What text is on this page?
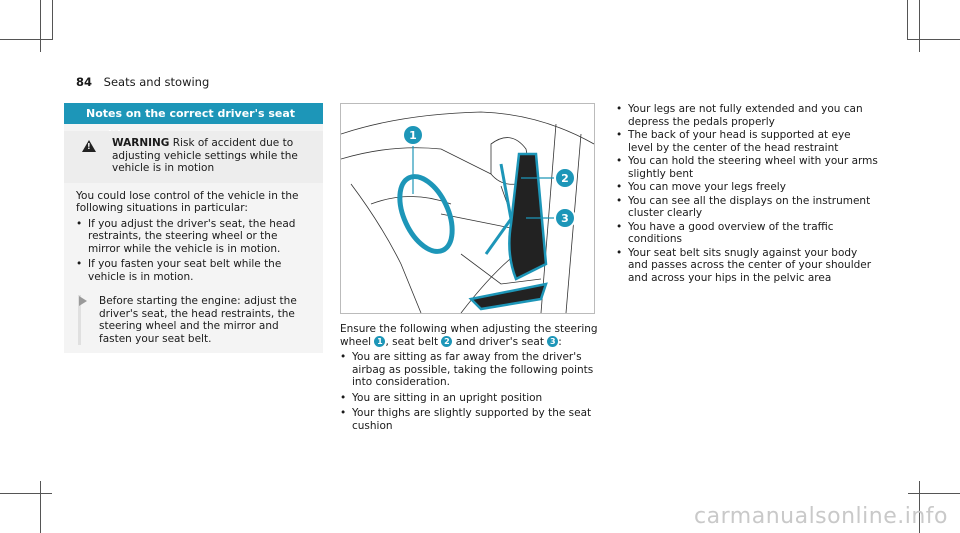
84 Seats and stowing
Notes on the correct driver's seat
!
WARNING Risk of accident due to adjusting vehicle settings while the vehicle is in motion
You could lose control of the vehicle in the following situations in particular:
• If you adjust the driver's seat, the head restraints, the steering wheel or the mirror while the vehicle is in motion.
• If you fasten your seat belt while the vehicle is in motion.
Before starting the engine: adjust the driver's seat, the head restraints, the steering wheel and the mirror and fasten your seat belt.
1
2
3
Ensure the following when adjusting the steering wheel 1 , seat belt 2 and driver's seat 3 :
• You are sitting as far away from the driver's airbag as possible, taking the following points into consideration.
• You are sitting in an upright position
• Your thighs are slightly supported by the seat cushion
• Your legs are not fully extended and you can depress the pedals properly
• The back of your head is supported at eye level by the center of the head restraint
• You can hold the steering wheel with your arms slightly bent
• You can move your legs freely
• You can see all the displays on the instrument cluster clearly
• You have a good overview of the traffic conditions
• Your seat belt sits snugly against your body and passes across the center of your shoulder and across your hips in the pelvic area
carmanualsonline.info
